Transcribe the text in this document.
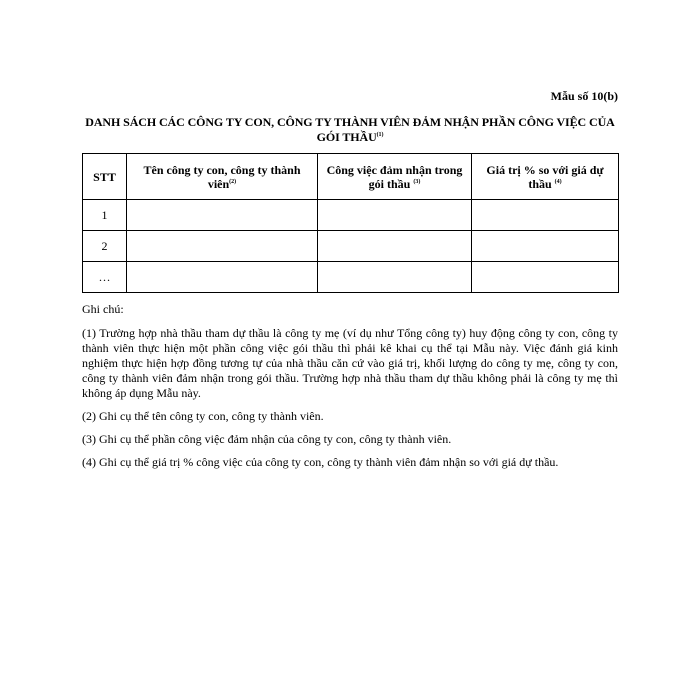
Mẫu số 10(b)
DANH SÁCH CÁC CÔNG TY CON, CÔNG TY THÀNH VIÊN ĐẢM NHẬN PHẦN CÔNG VIỆC CỦA GÓI THẦU$^{(1)}$
STT	Tên công ty con, công ty thành viên$^{(2)}$	Công việc đảm nhận trong gói thầu $^{(3)}$	Giá trị % so với giá dự thầu $^{(4)}$
1			
2			
…			

Ghi chú:

(1) Trường hợp nhà thầu tham dự thầu là công ty mẹ (ví dụ như Tổng công ty) huy động công ty con, công ty thành viên thực hiện một phần công việc gói thầu thì phải kê khai cụ thể tại Mẫu này. Việc đánh giá kinh nghiệm thực hiện hợp đồng tương tự của nhà thầu căn cứ vào giá trị, khối lượng do công ty mẹ, công ty con, công ty thành viên đảm nhận trong gói thầu. Trường hợp nhà thầu tham dự thầu không phải là công ty mẹ thì không áp dụng Mẫu này.

(2) Ghi cụ thể tên công ty con, công ty thành viên.

(3) Ghi cụ thể phần công việc đảm nhận của công ty con, công ty thành viên.

(4) Ghi cụ thể giá trị % công việc của công ty con, công ty thành viên đảm nhận so với giá dự thầu.
